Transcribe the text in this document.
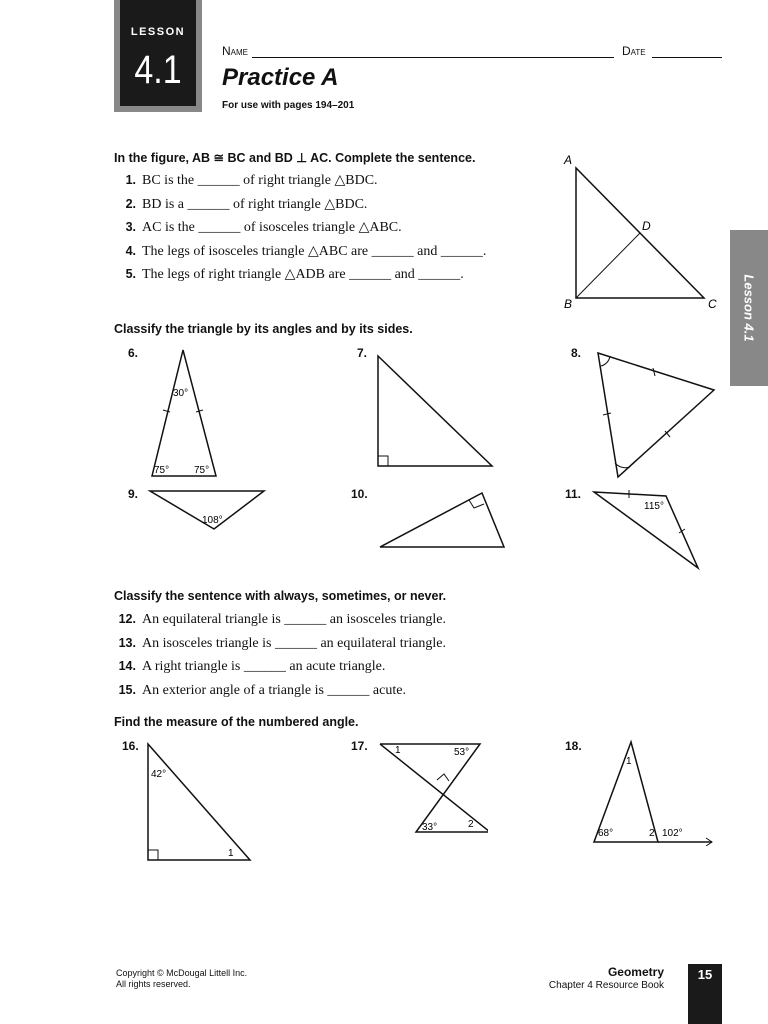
LESSON
4.1	Name	Date
Practice A
For use with pages 194–201
Lesson 4.1
In the figure, AB ≅ BC and BD ⊥ AC. Complete the sentence.
1. BC is the ______ of right triangle △BDC.
2. BD is a ______ of right triangle △BDC.
3. AC is the ______ of isosceles triangle △ABC.
4. The legs of isosceles triangle △ABC are ______ and ______.
5. The legs of right triangle △ADB are ______ and ______.
A
B	C
D
Classify the triangle by its angles and by its sides.
6.
30°
75° 75°
7.	8.
9.
108°
10.	11.
115°
Classify the sentence with always, sometimes, or never.
12. An equilateral triangle is ______ an isosceles triangle.
13. An isosceles triangle is ______ an equilateral triangle.
14. A right triangle is ______ an acute triangle.
15. An exterior angle of a triangle is ______ acute.
Find the measure of the numbered angle.
16.
42°
1
17.	1	53°
33°	2
18.
1
68°	2 102°
Copyright © McDougal Littell Inc.
All rights reserved.
Geometry
Chapter 4 Resource Book
15
